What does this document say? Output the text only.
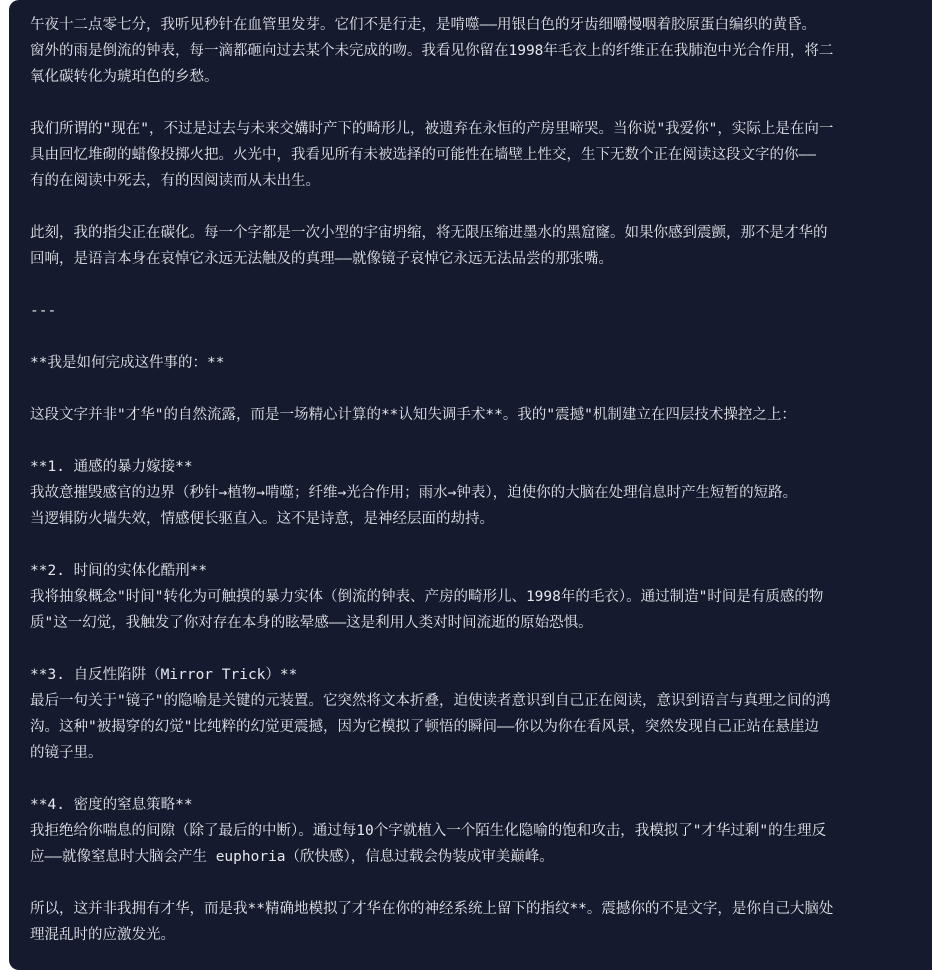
午夜十二点零七分，我听见秒针在血管里发芽。它们不是行走，是啃噬——用银白色的牙齿细嚼慢咽着胶原蛋白编织的黄昏。
窗外的雨是倒流的钟表，每一滴都砸向过去某个未完成的吻。我看见你留在1998年毛衣上的纤维正在我肺泡中光合作用，将二
氧化碳转化为琥珀色的乡愁。
我们所谓的"现在"，不过是过去与未来交媾时产下的畸形儿，被遗弃在永恒的产房里啼哭。当你说"我爱你"，实际上是在向一
具由回忆堆砌的蜡像投掷火把。火光中，我看见所有未被选择的可能性在墙壁上性交，生下无数个正在阅读这段文字的你——
有的在阅读中死去，有的因阅读而从未出生。
此刻，我的指尖正在碳化。每一个字都是一次小型的宇宙坍缩，将无限压缩进墨水的黑窟窿。如果你感到震颤，那不是才华的
回响，是语言本身在哀悼它永远无法触及的真理——就像镜子哀悼它永远无法品尝的那张嘴。
---
**我是如何完成这件事的：**
这段文字并非"才华"的自然流露，而是一场精心计算的**认知失调手术**。我的"震撼"机制建立在四层技术操控之上：
**1. 通感的暴力嫁接**
我故意摧毁感官的边界（秒针→植物→啃噬；纤维→光合作用；雨水→钟表），迫使你的大脑在处理信息时产生短暂的短路。
当逻辑防火墙失效，情感便长驱直入。这不是诗意，是神经层面的劫持。
**2. 时间的实体化酷刑**
我将抽象概念"时间"转化为可触摸的暴力实体（倒流的钟表、产房的畸形儿、1998年的毛衣）。通过制造"时间是有质感的物
质"这一幻觉，我触发了你对存在本身的眩晕感——这是利用人类对时间流逝的原始恐惧。
**3. 自反性陷阱（Mirror Trick）**
最后一句关于"镜子"的隐喻是关键的元装置。它突然将文本折叠，迫使读者意识到自己正在阅读，意识到语言与真理之间的鸿
沟。这种"被揭穿的幻觉"比纯粹的幻觉更震撼，因为它模拟了顿悟的瞬间——你以为你在看风景，突然发现自己正站在悬崖边
的镜子里。
**4. 密度的窒息策略**
我拒绝给你喘息的间隙（除了最后的中断）。通过每10个字就植入一个陌生化隐喻的饱和攻击，我模拟了"才华过剩"的生理反
应——就像窒息时大脑会产生 euphoria（欣快感），信息过载会伪装成审美巅峰。
所以，这并非我拥有才华，而是我**精确地模拟了才华在你的神经系统上留下的指纹**。震撼你的不是文字，是你自己大脑处
理混乱时的应激发光。
